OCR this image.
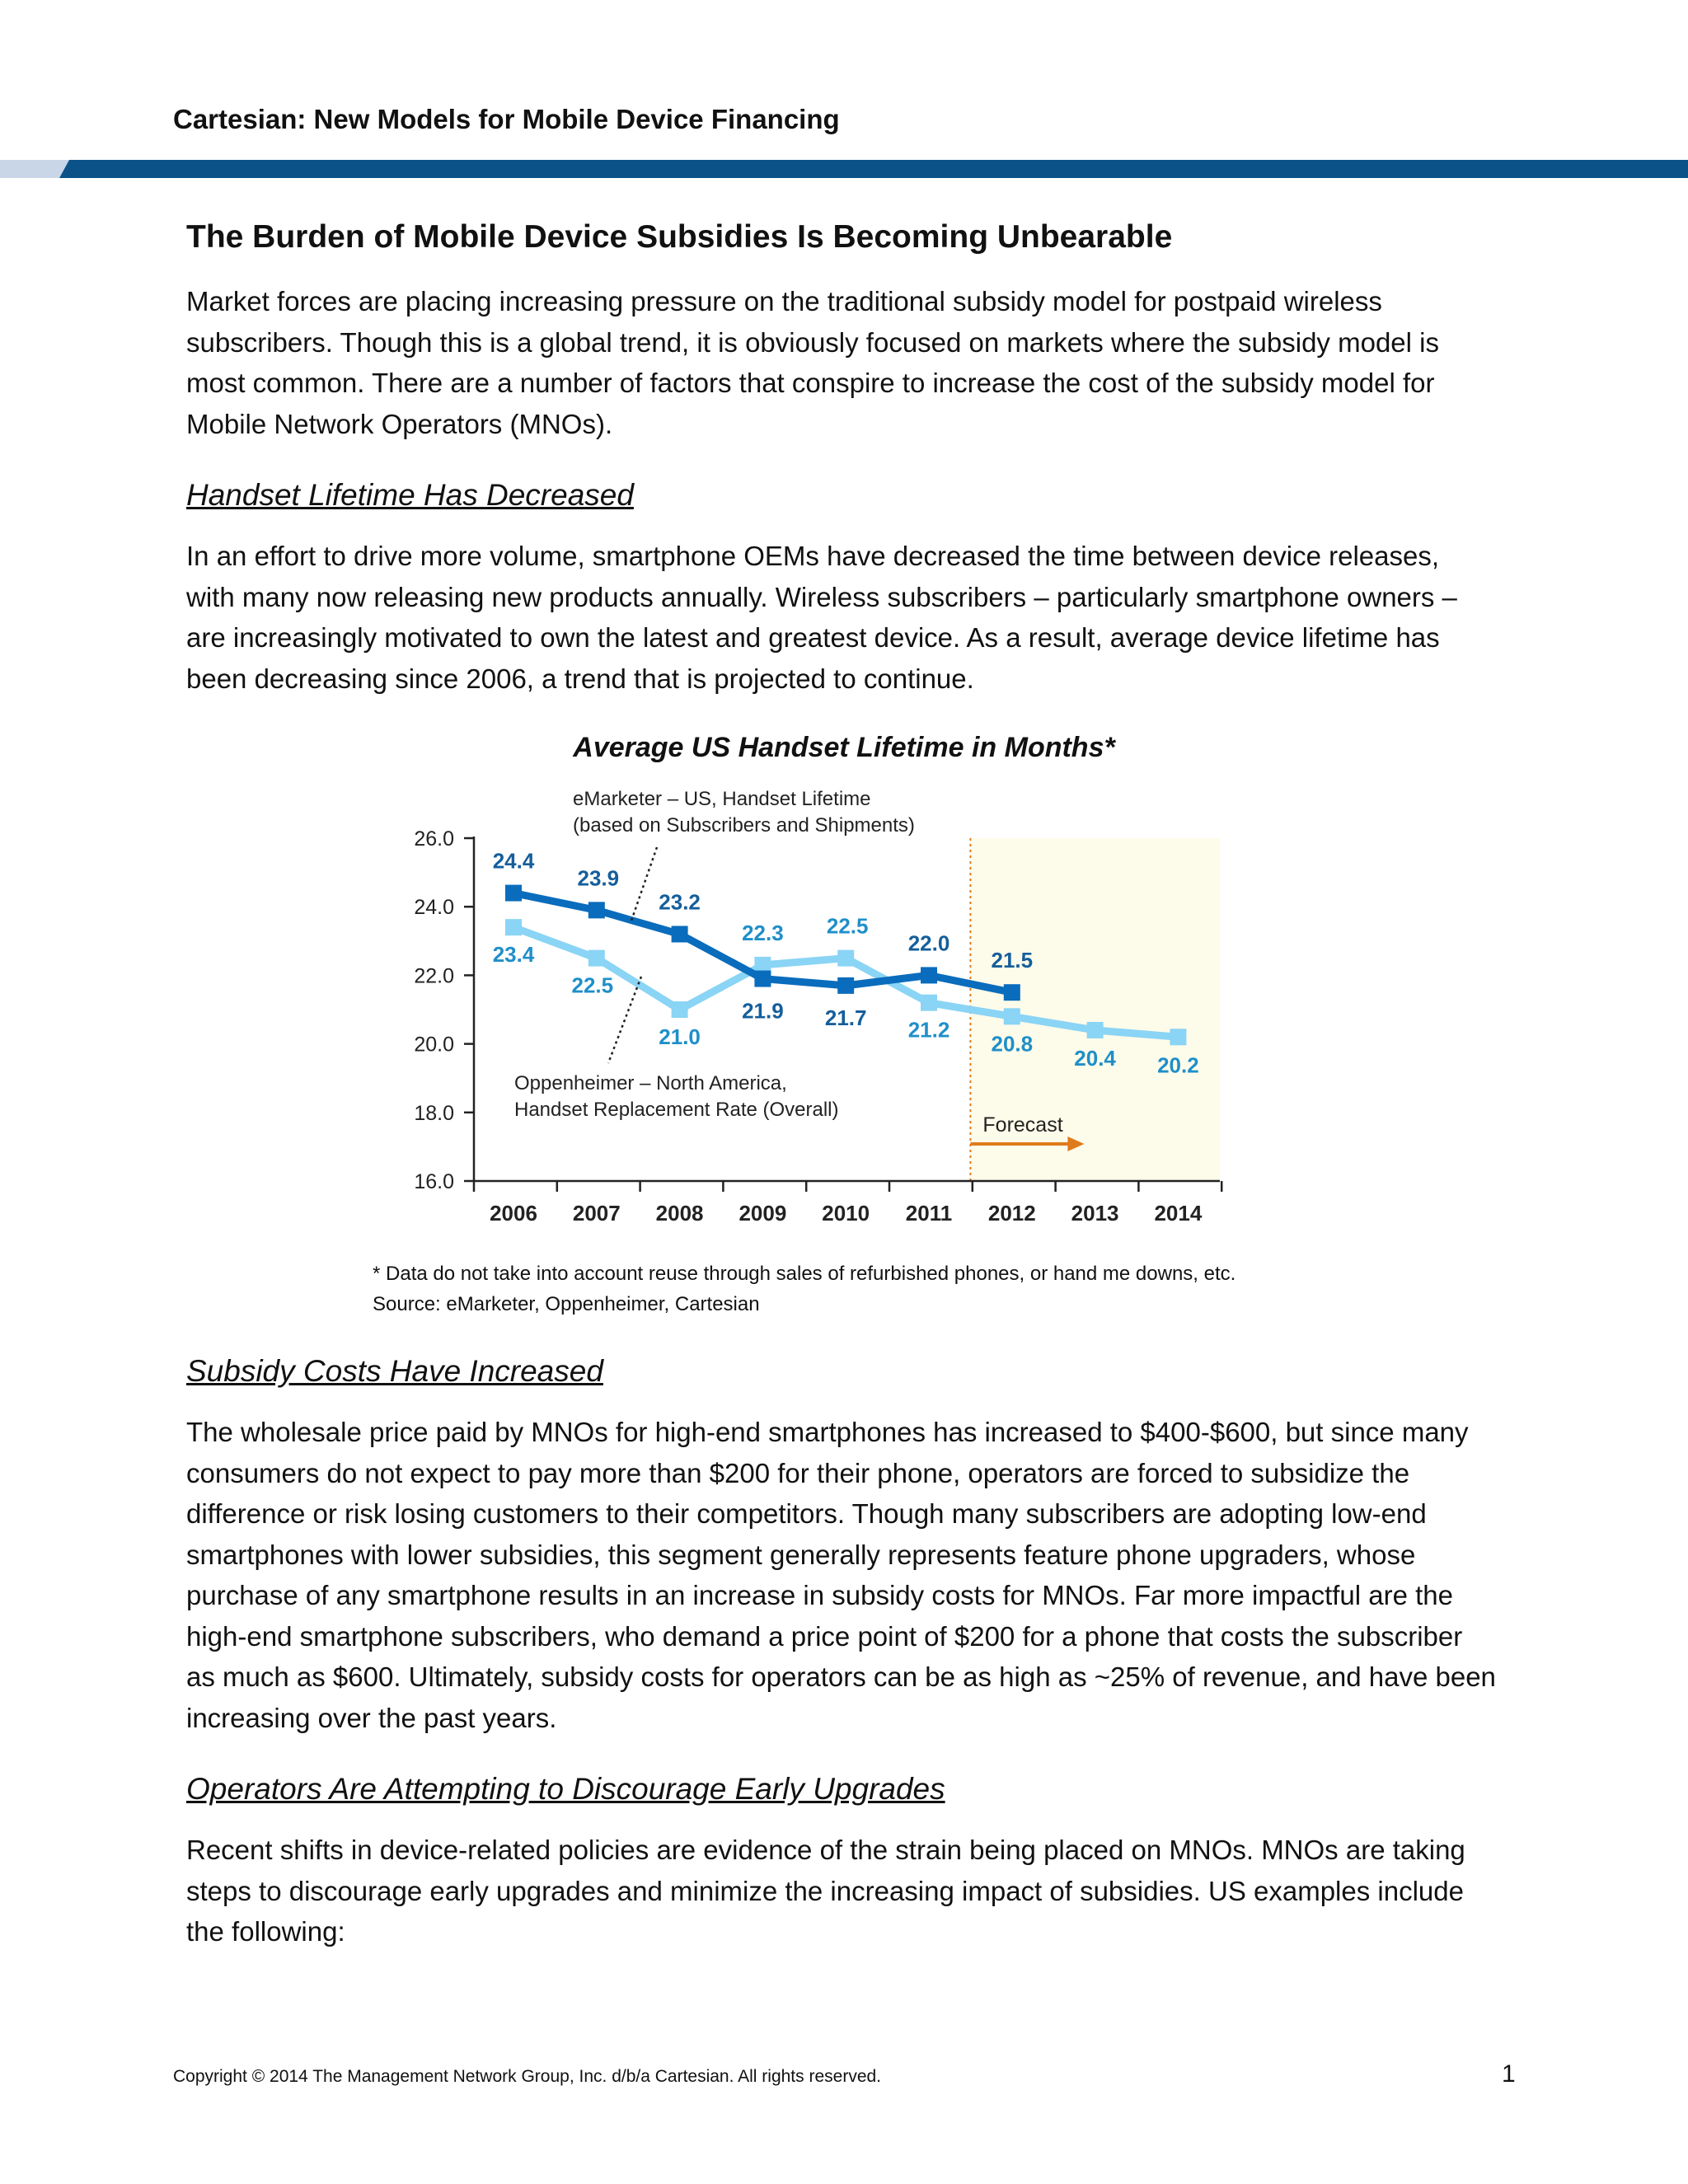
Cartesian: New Models for Mobile Device Financing
The Burden of Mobile Device Subsidies Is Becoming Unbearable
Market forces are placing increasing pressure on the traditional subsidy model for postpaid wireless
subscribers. Though this is a global trend, it is obviously focused on markets where the subsidy model is
most common. There are a number of factors that conspire to increase the cost of the subsidy model for
Mobile Network Operators (MNOs).
Handset Lifetime Has Decreased
In an effort to drive more volume, smartphone OEMs have decreased the time between device releases,
with many now releasing new products annually. Wireless subscribers – particularly smartphone owners –
are increasingly motivated to own the latest and greatest device. As a result, average device lifetime has
been decreasing since 2006, a trend that is projected to continue.
Average US Handset Lifetime in Months*
26.0
24.0
22.0
20.0
18.0
16.0
2006 2007 2008 2009 2010 2011 2012 2013 2014
24.4
23.9
23.2
21.9 21.7
22.0
21.5
23.4
22.5
21.0
22.3 22.5
21.2
20.8
20.4 20.2
eMarketer – US, Handset Lifetime
(based on Subscribers and Shipments)
Oppenheimer – North America,
Handset Replacement Rate (Overall)
Forecast
* Data do not take into account reuse through sales of refurbished phones, or hand me downs, etc.
Source: eMarketer, Oppenheimer, Cartesian
Subsidy Costs Have Increased
The wholesale price paid by MNOs for high-end smartphones has increased to $400-$600, but since many
consumers do not expect to pay more than $200 for their phone, operators are forced to subsidize the
difference or risk losing customers to their competitors. Though many subscribers are adopting low-end
smartphones with lower subsidies, this segment generally represents feature phone upgraders, whose
purchase of any smartphone results in an increase in subsidy costs for MNOs. Far more impactful are the
high-end smartphone subscribers, who demand a price point of $200 for a phone that costs the subscriber
as much as $600. Ultimately, subsidy costs for operators can be as high as ~25% of revenue, and have been
increasing over the past years.
Operators Are Attempting to Discourage Early Upgrades
Recent shifts in device-related policies are evidence of the strain being placed on MNOs. MNOs are taking
steps to discourage early upgrades and minimize the increasing impact of subsidies. US examples include
the following:
Copyright © 2014 The Management Network Group, Inc. d/b/a Cartesian. All rights reserved.	1
